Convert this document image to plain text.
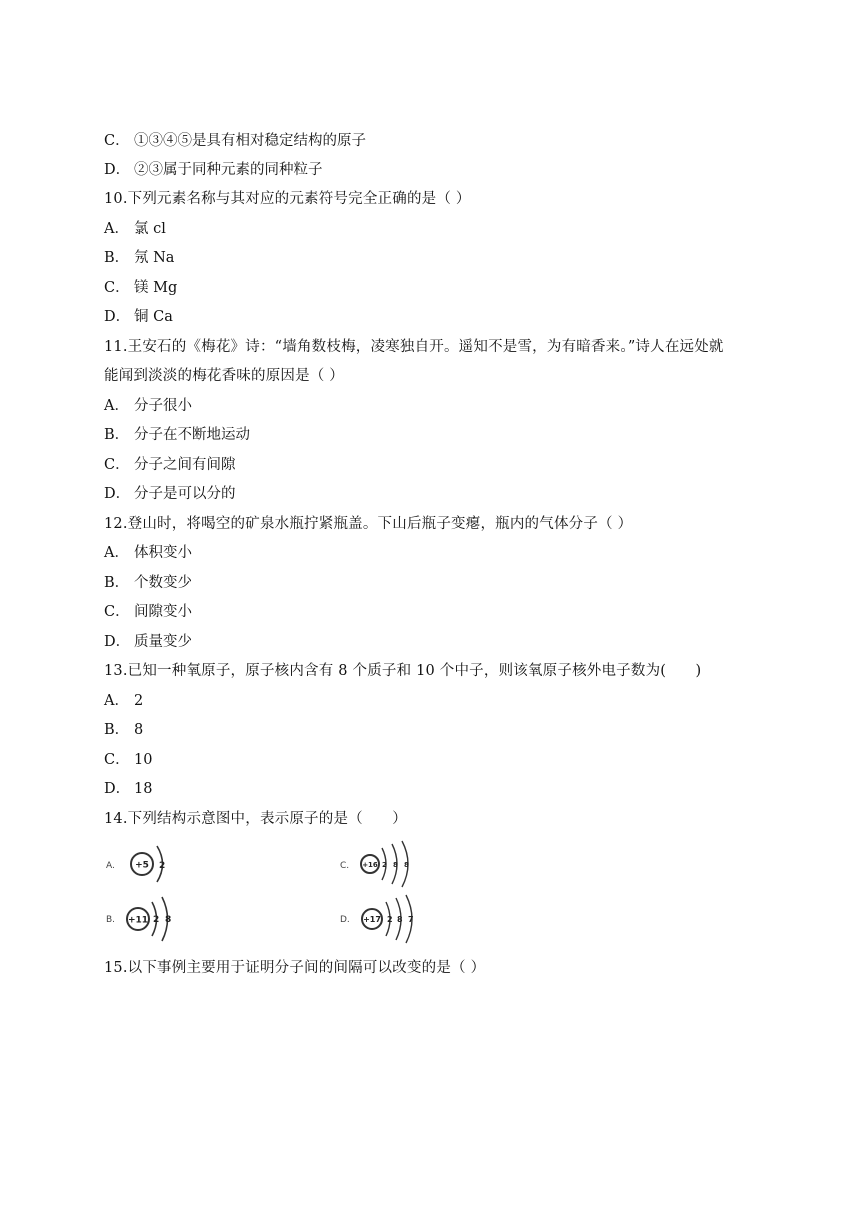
C． ①③④⑤是具有相对稳定结构的原子
D． ②③属于同种元素的同种粒子
10.下列元素名称与其对应的元素符号完全正确的是（ ）
A． 氯 cl
B． 氖 Na
C． 镁 Mg
D． 铜 Ca
11.王安石的《梅花》诗：“墙角数枝梅，凌寒独自开。遥知不是雪，为有暗香来。”诗人在远处就
能闻到淡淡的梅花香味的原因是（ ）
A． 分子很小
B． 分子在不断地运动
C． 分子之间有间隙
D． 分子是可以分的
12.登山时，将喝空的矿泉水瓶拧紧瓶盖。下山后瓶子变瘪，瓶内的气体分子（ ）
A． 体积变小
B． 个数变少
C． 间隙变小
D． 质量变少
13.已知一种氧原子，原子核内含有 8 个质子和 10 个中子，则该氧原子核外电子数为(　　)
A． 2
B． 8
C． 10
D． 18
14.下列结构示意图中，表示原子的是（　　）
A. +5 2	C. +16 2 8 8
B. +11 2 8	D. +17 2 8 7
15.以下事例主要用于证明分子间的间隔可以改变的是（ ）
